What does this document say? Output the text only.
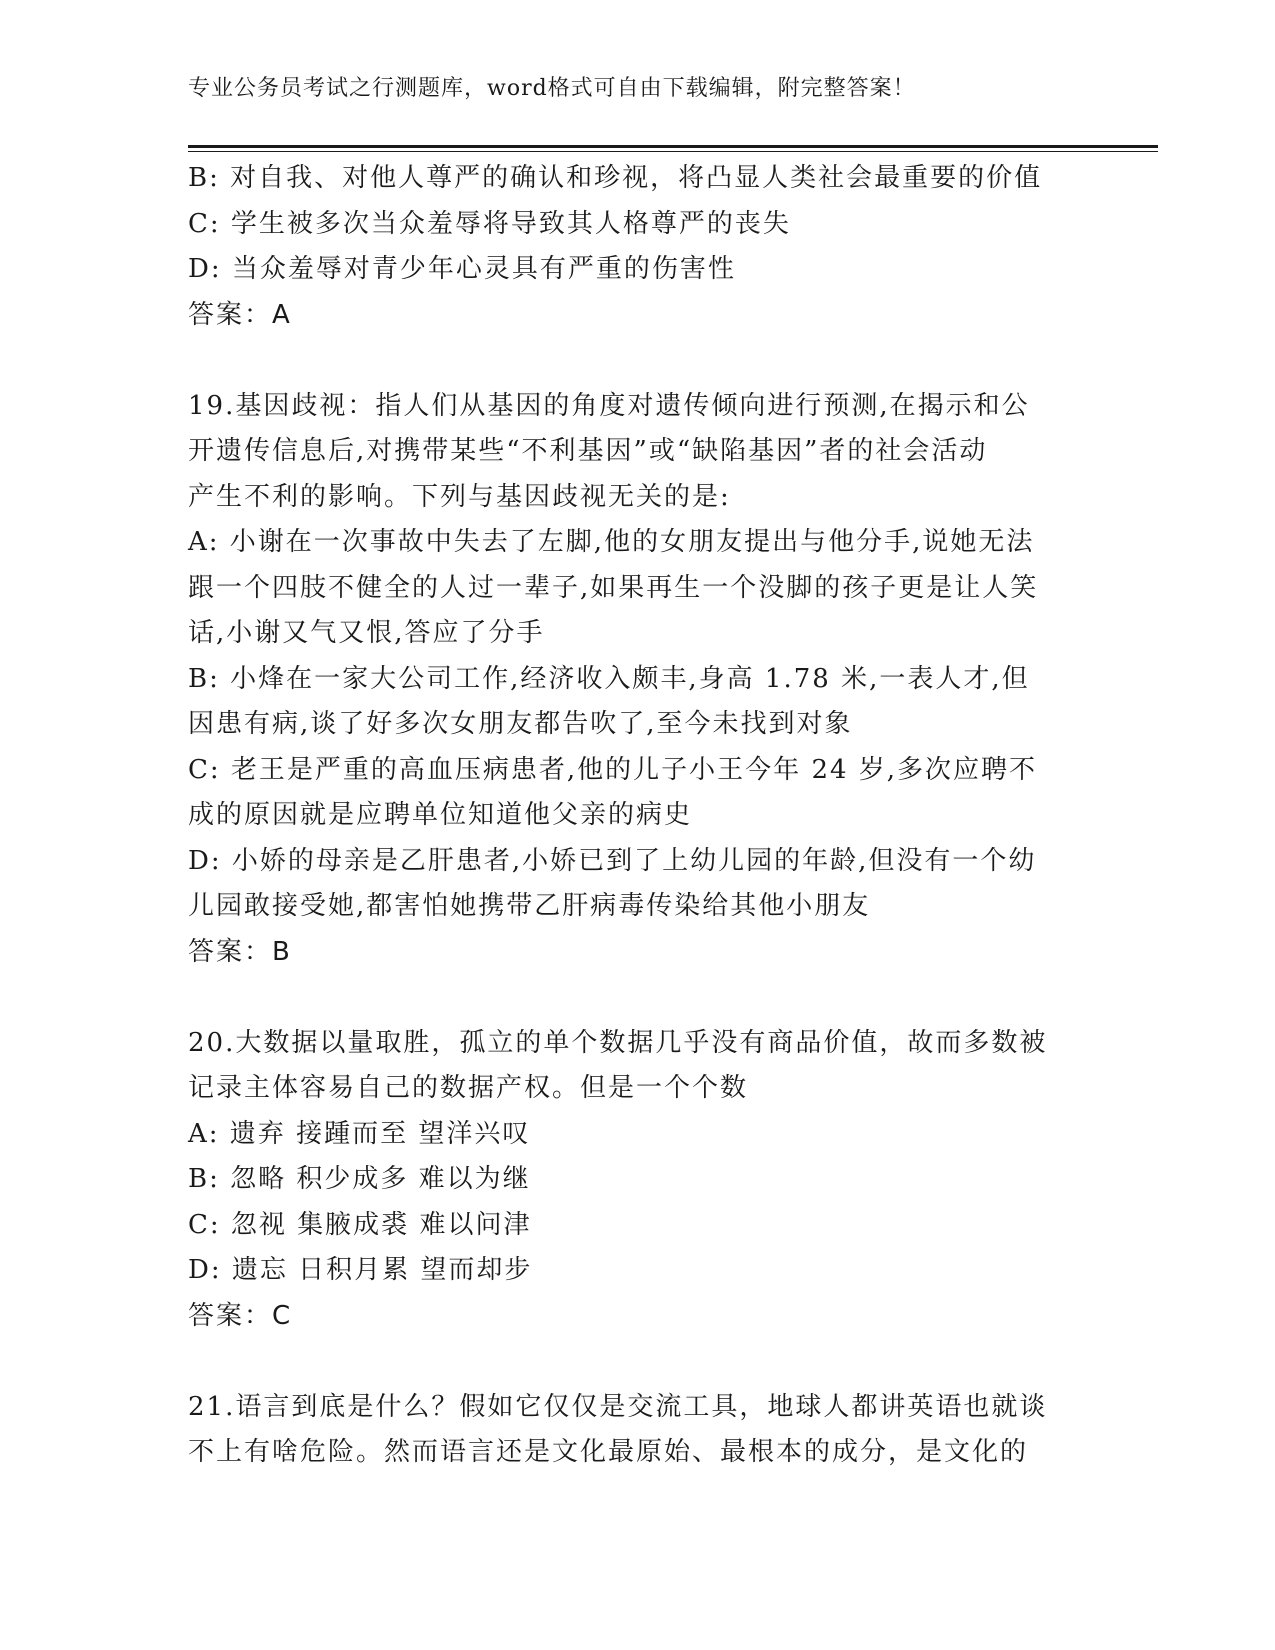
专业公务员考试之行测题库，word格式可自由下载编辑，附完整答案！
B: 对自我、对他人尊严的确认和珍视，将凸显人类社会最重要的价值
C: 学生被多次当众羞辱将导致其人格尊严的丧失
D: 当众羞辱对青少年心灵具有严重的伤害性
答案：A
19.基因歧视：指人们从基因的角度对遗传倾向进行预测,在揭示和公
开遗传信息后,对携带某些“不利基因”或“缺陷基因”者的社会活动
产生不利的影响。下列与基因歧视无关的是:
A: 小谢在一次事故中失去了左脚,他的女朋友提出与他分手,说她无法
跟一个四肢不健全的人过一辈子,如果再生一个没脚的孩子更是让人笑
话,小谢又气又恨,答应了分手
B: 小烽在一家大公司工作,经济收入颇丰,身高 1.78 米,一表人才,但
因患有病,谈了好多次女朋友都告吹了,至今未找到对象
C: 老王是严重的高血压病患者,他的儿子小王今年 24 岁,多次应聘不
成的原因就是应聘单位知道他父亲的病史
D: 小娇的母亲是乙肝患者,小娇已到了上幼儿园的年龄,但没有一个幼
儿园敢接受她,都害怕她携带乙肝病毒传染给其他小朋友
答案：B
20.大数据以量取胜，孤立的单个数据几乎没有商品价值，故而多数被
记录主体容易自己的数据产权。但是一个个数
A: 遗弃 接踵而至 望洋兴叹
B: 忽略 积少成多 难以为继
C: 忽视 集腋成裘 难以问津
D: 遗忘 日积月累 望而却步
答案：C
21.语言到底是什么？假如它仅仅是交流工具，地球人都讲英语也就谈
不上有啥危险。然而语言还是文化最原始、最根本的成分，是文化的
